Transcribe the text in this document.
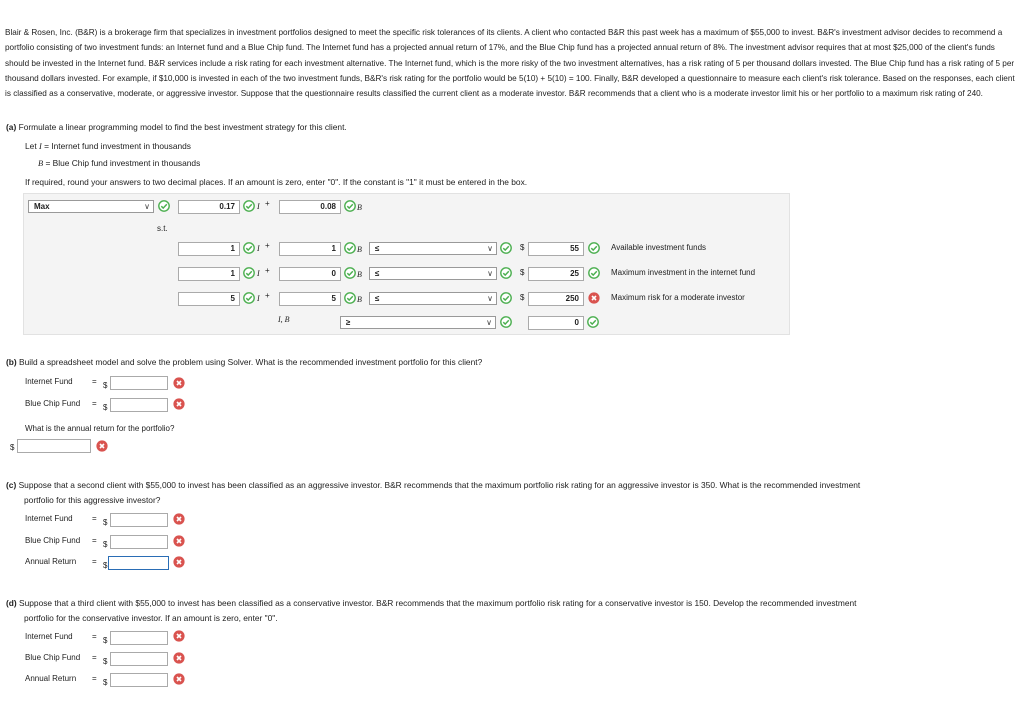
Blair & Rosen, Inc. (B&R) is a brokerage firm that specializes in investment portfolios designed to meet the specific risk tolerances of its clients. A client who contacted B&R this past week has a maximum of $55,000 to invest. B&R's investment advisor decides to recommend a portfolio consisting of two investment funds: an Internet fund and a Blue Chip fund. The Internet fund has a projected annual return of 17%, and the Blue Chip fund has a projected annual return of 8%. The investment advisor requires that at most $25,000 of the client's funds should be invested in the Internet fund. B&R services include a risk rating for each investment alternative. The Internet fund, which is the more risky of the two investment alternatives, has a risk rating of 5 per thousand dollars invested. The Blue Chip fund has a risk rating of 5 per thousand dollars invested. For example, if $10,000 is invested in each of the two investment funds, B&R's risk rating for the portfolio would be 5(10) + 5(10) = 100. Finally, B&R developed a questionnaire to measure each client's risk tolerance. Based on the responses, each client is classified as a conservative, moderate, or aggressive investor. Suppose that the questionnaire results classified the current client as a moderate investor. B&R recommends that a client who is a moderate investor limit his or her portfolio to a maximum risk rating of 240.

(a) Formulate a linear programming model to find the best investment strategy for this client.
Let I = Internet fund investment in thousands
B = Blue Chip fund investment in thousands
If required, round your answers to two decimal places. If an amount is zero, enter "0". If the constant is "1" it must be entered in the box.
Max	∨	0.17	I +	0.08	B
s.t.
1	I +	1	B	≤	∨	$	55	Available investment funds
1	I +	0	B	≤	∨	$	25	Maximum investment in the internet fund
5	I +	5	B	≤	∨	$	250	Maximum risk for a moderate investor
I, B	≥	∨	0
(b) Build a spreadsheet model and solve the problem using Solver. What is the recommended investment portfolio for this client?
Internet Fund = $
Blue Chip Fund = $
What is the annual return for the portfolio?
$
(c) Suppose that a second client with $55,000 to invest has been classified as an aggressive investor. B&R recommends that the maximum portfolio risk rating for an aggressive investor is 350. What is the recommended investment
portfolio for this aggressive investor?
Internet Fund = $
Blue Chip Fund = $
Annual Return = $
(d) Suppose that a third client with $55,000 to invest has been classified as a conservative investor. B&R recommends that the maximum portfolio risk rating for a conservative investor is 150. Develop the recommended investment
portfolio for the conservative investor. If an amount is zero, enter "0".
Internet Fund = $
Blue Chip Fund = $
Annual Return = $
